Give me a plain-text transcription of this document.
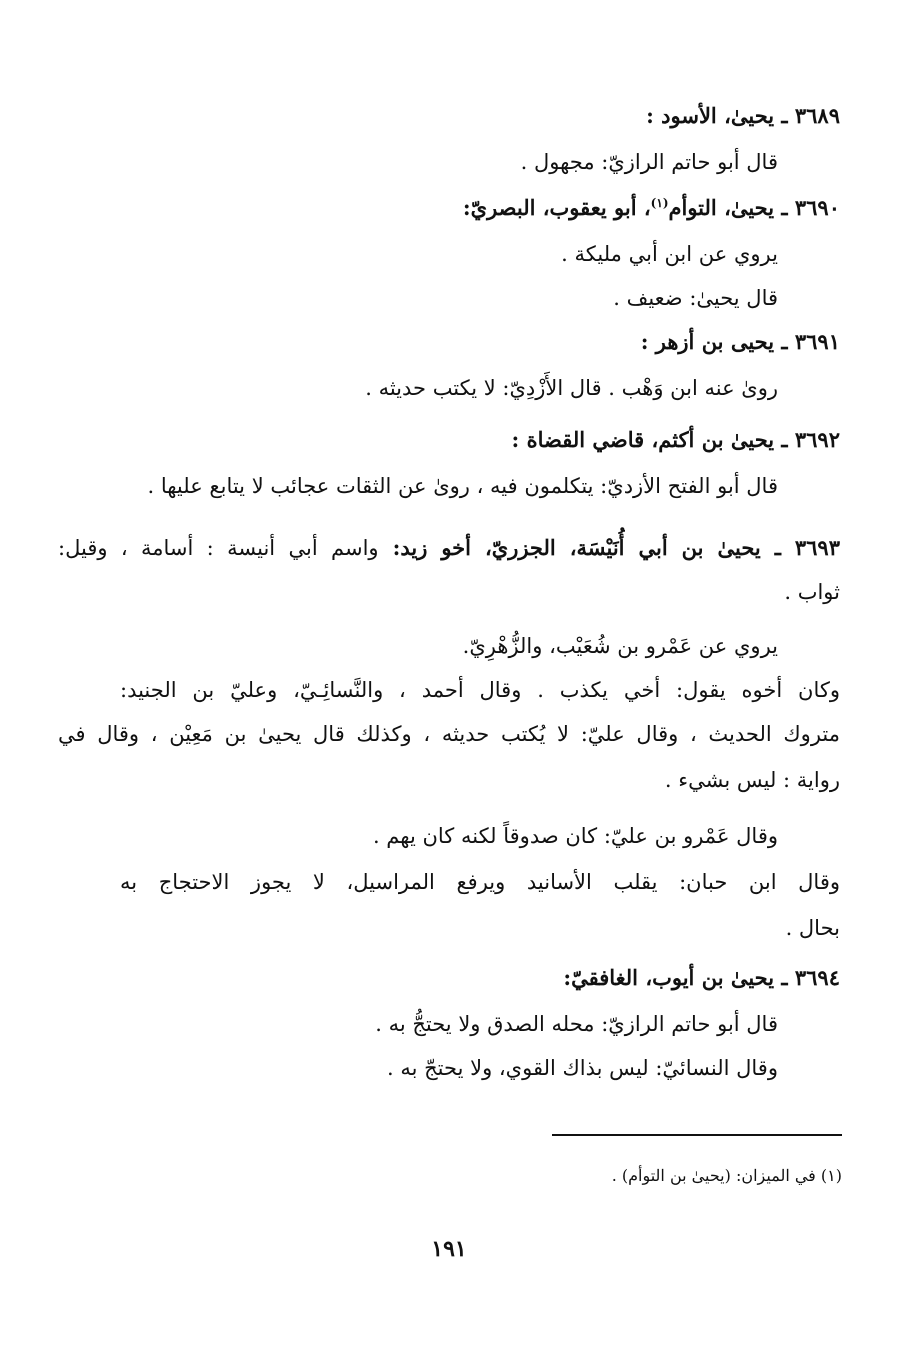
٣٦٨٩ ـ يحيىٰ، الأسود :
قال أبو حاتم الرازيّ: مجهول .
٣٦٩٠ ـ يحيىٰ، التوأم$^{(١)}$، أبو يعقوب، البصريّ:
يروي عن ابن أبي مليكة .
قال يحيىٰ: ضعيف .
٣٦٩١ ـ يحيى بن أزهر :
روىٰ عنه ابن وَهْب . قال الأَزْدِيّ: لا يكتب حديثه .
٣٦٩٢ ـ يحيىٰ بن أكثم، قاضي القضاة :
قال أبو الفتح الأزديّ: يتكلمون فيه ، روىٰ عن الثقات عجائب لا يتابع عليها .
٣٦٩٣ ـ يحيىٰ بن أبي أُنَيْسَة، الجزريّ، أخو زيد: واسم أبي أنيسة : أسامة ، وقيل:
ثواب .
يروي عن عَمْرو بن شُعَيْب، والزُّهْرِيّ.
وكان أخوه يقول: أخي يكذب . وقال أحمد ، والنَّسائِـيّ، وعليّ بن الجنيد:
متروك الحديث ، وقال عليّ: لا يُكتب حديثه ، وكذلك قال يحيىٰ بن مَعِيْن ، وقال في
رواية : ليس بشيء .
وقال عَمْرو بن عليّ: كان صدوقاً لكنه كان يهم .
وقال ابن حبان: يقلب الأسانيد ويرفع المراسيل، لا يجوز الاحتجاج به
بحال .
٣٦٩٤ ـ يحيىٰ بن أيوب، الغافقيّ:
قال أبو حاتم الرازيّ: محله الصدق ولا يحتجُّ به .
وقال النسائيّ: ليس بذاك القوي، ولا يحتجّ به .
(١) في الميزان: (يحيىٰ بن التوأم) .
١٩١
